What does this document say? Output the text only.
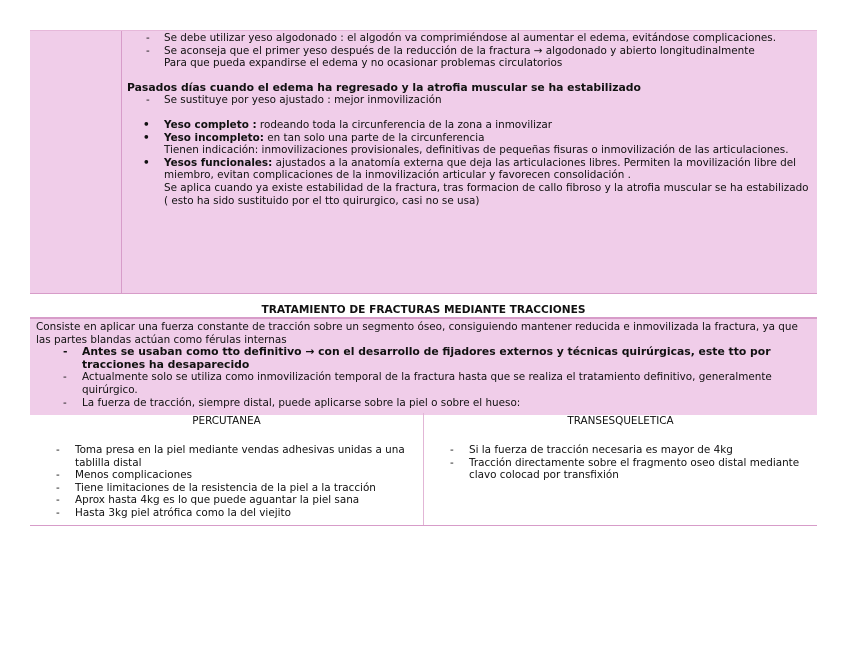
- Se debe utilizar yeso algodonado : el algodón va comprimiéndose al aumentar el edema, evitándose complicaciones.
- Se aconseja que el primer yeso después de la reducción de la fractura → algodonado y abierto longitudinalmente
Para que pueda expandirse el edema y no ocasionar problemas circulatorios
Pasados días cuando el edema ha regresado y la atrofia muscular se ha estabilizado
- Se sustituye por yeso ajustado : mejor inmovilización
• Yeso completo : rodeando toda la circunferencia de la zona a inmovilizar
• Yeso incompleto: en tan solo una parte de la circunferencia
Tienen indicación: inmovilizaciones provisionales, definitivas de pequeñas fisuras o inmovilización de las articulaciones.
• Yesos funcionales: ajustados a la anatomía externa que deja las articulaciones libres. Permiten la movilización libre del miembro, evitan complicaciones de la inmovilización articular y favorecen consolidación .
Se aplica cuando ya existe estabilidad de la fractura, tras formacion de callo fibroso y la atrofia muscular se ha estabilizado
( esto ha sido sustituido por el tto quirurgico, casi no se usa)
TRATAMIENTO DE FRACTURAS MEDIANTE TRACCIONES
Consiste en aplicar una fuerza constante de tracción sobre un segmento óseo, consiguiendo mantener reducida e inmovilizada la fractura, ya que las partes blandas actúan como férulas internas
- Antes se usaban como tto definitivo → con el desarrollo de fijadores externos y técnicas quirúrgicas, este tto por tracciones ha desaparecido
- Actualmente solo se utiliza como inmovilización temporal de la fractura hasta que se realiza el tratamiento definitivo, generalmente quirúrgico.
- La fuerza de tracción, siempre distal, puede aplicarse sobre la piel o sobre el hueso:
PERCUTANEA	TRANSESQUELETICA
- Toma presa en la piel mediante vendas adhesivas unidas a una tablilla distal
- Menos complicaciones
- Tiene limitaciones de la resistencia de la piel a la tracción
- Aprox hasta 4kg es lo que puede aguantar la piel sana
- Hasta 3kg piel atrófica como la del viejito
- Si la fuerza de tracción necesaria es mayor de 4kg
- Tracción directamente sobre el fragmento oseo distal mediante clavo colocad por transfixión
